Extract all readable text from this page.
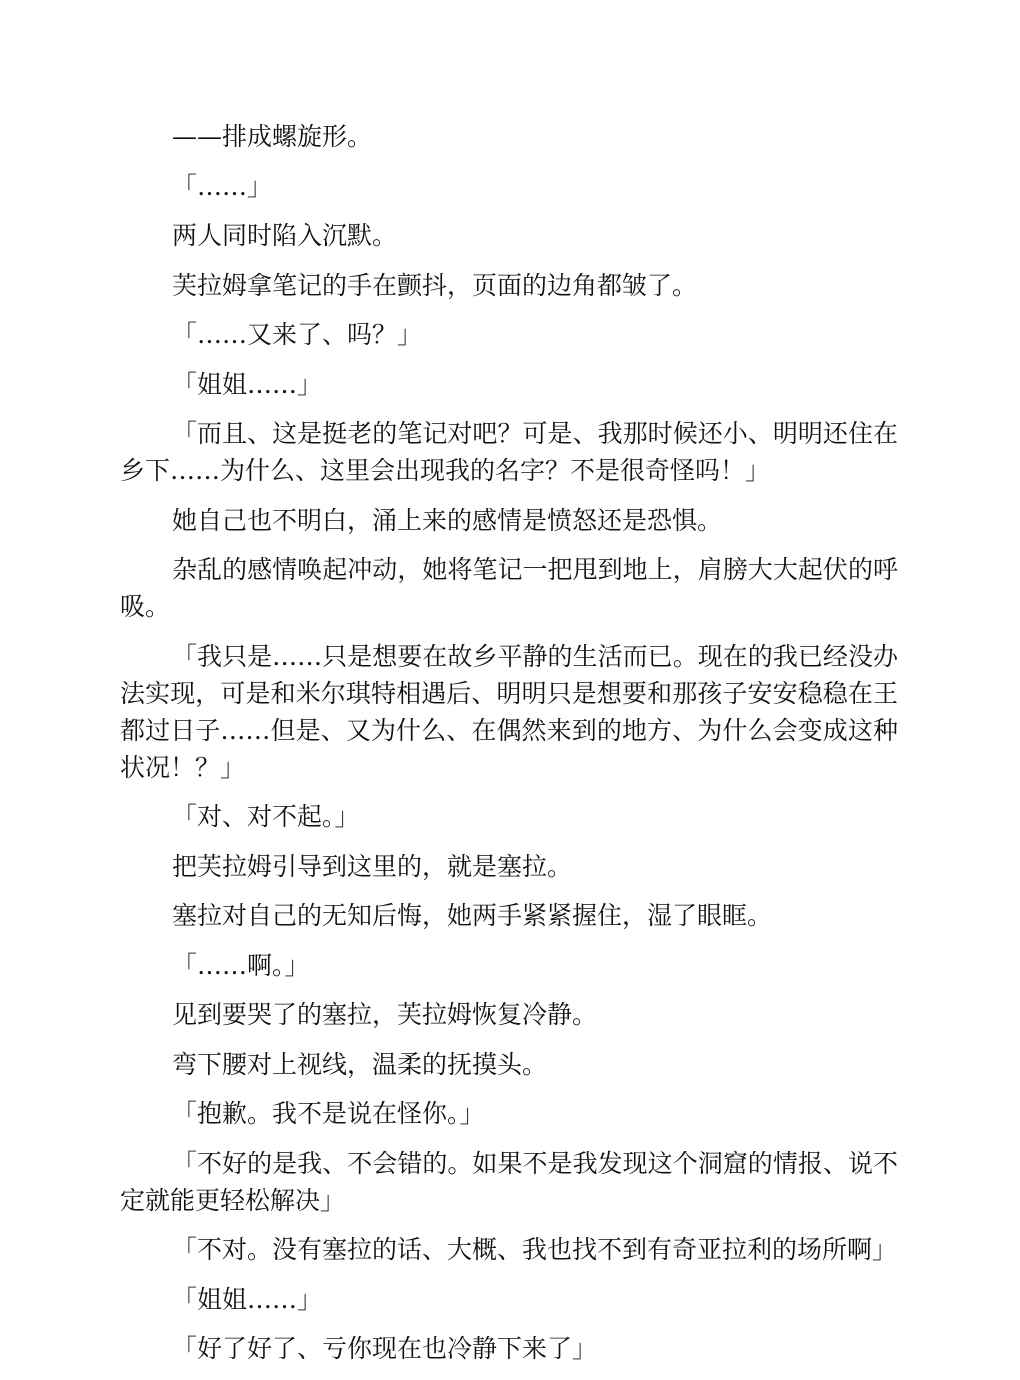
——排成螺旋形。

「……」

两人同时陷入沉默。

芙拉姆拿笔记的手在颤抖，页面的边角都皱了。

「……又来了、吗？」

「姐姐……」

「而且、这是挺老的笔记对吧？可是、我那时候还小、明明还住在乡下……为什么、这里会出现我的名字？不是很奇怪吗！」

她自己也不明白，涌上来的感情是愤怒还是恐惧。

杂乱的感情唤起冲动，她将笔记一把甩到地上，肩膀大大起伏的呼吸。

「我只是……只是想要在故乡平静的生活而已。现在的我已经没办法实现，可是和米尔琪特相遇后、明明只是想要和那孩子安安稳稳在王都过日子……但是、又为什么、在偶然来到的地方、为什么会变成这种状况！？」

「对、对不起。」

把芙拉姆引导到这里的，就是塞拉。

塞拉对自己的无知后悔，她两手紧紧握住，湿了眼眶。

「……啊。」

见到要哭了的塞拉，芙拉姆恢复冷静。

弯下腰对上视线，温柔的抚摸头。

「抱歉。我不是说在怪你。」

「不好的是我、不会错的。如果不是我发现这个洞窟的情报、说不定就能更轻松解决」

「不对。没有塞拉的话、大概、我也找不到有奇亚拉利的场所啊」

「姐姐……」

「好了好了、亏你现在也冷静下来了」
